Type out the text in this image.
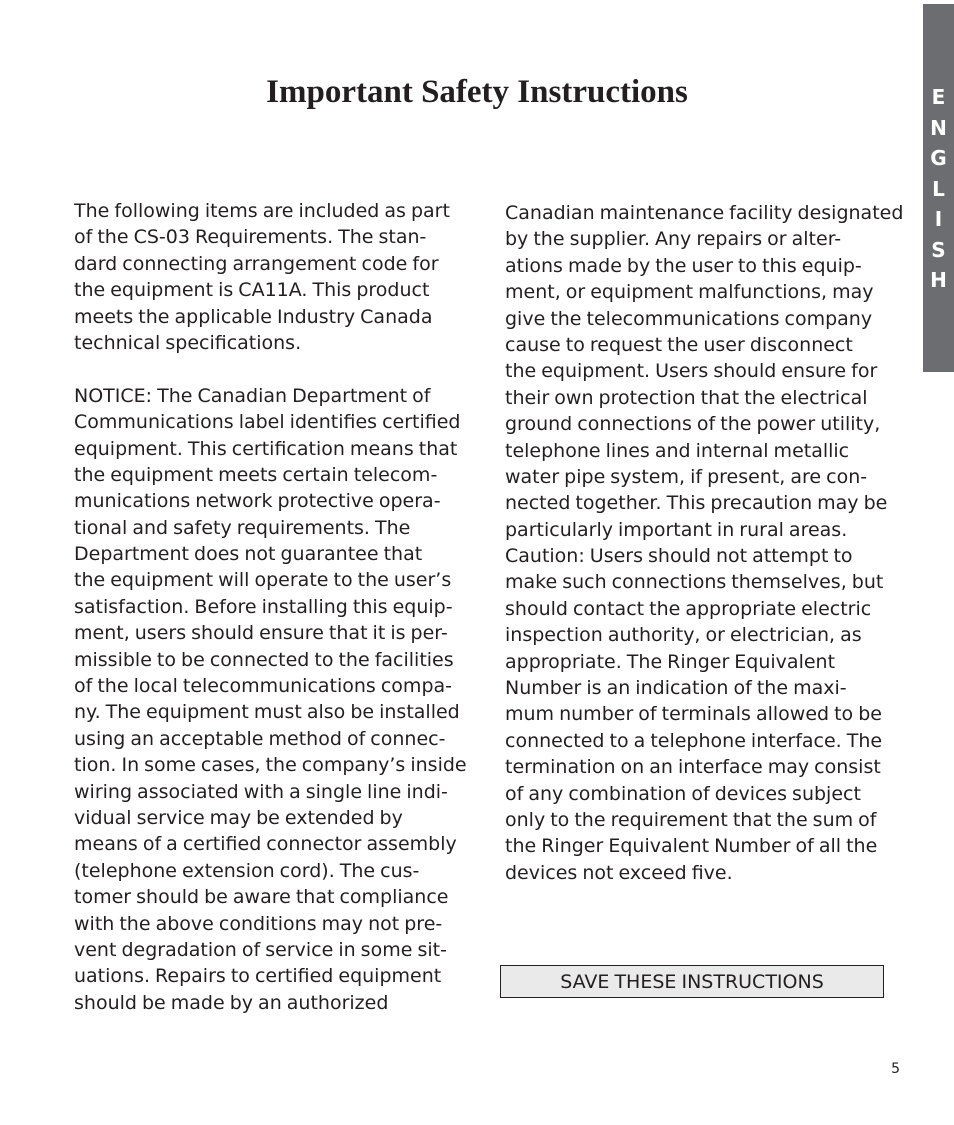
Important Safety Instructions	E
N
G
L
I
S
H
The following items are included as part
of the CS-03 Requirements. The stan-
dard connecting arrangement code for
the equipment is CA11A. This product
meets the applicable Industry Canada
technical specifications.
NOTICE: The Canadian Department of
Communications label identifies certified
equipment. This certification means that
the equipment meets certain telecom-
munications network protective opera-
tional and safety requirements. The
Department does not guarantee that
the equipment will operate to the user’s
satisfaction. Before installing this equip-
ment, users should ensure that it is per-
missible to be connected to the facilities
of the local telecommunications compa-
ny. The equipment must also be installed
using an acceptable method of connec-
tion. In some cases, the company’s inside
wiring associated with a single line indi-
vidual service may be extended by
means of a certified connector assembly
(telephone extension cord). The cus-
tomer should be aware that compliance
with the above conditions may not pre-
vent degradation of service in some sit-
uations. Repairs to certified equipment
should be made by an authorized
Canadian maintenance facility designated
by the supplier. Any repairs or alter-
ations made by the user to this equip-
ment, or equipment malfunctions, may
give the telecommunications company
cause to request the user disconnect
the equipment. Users should ensure for
their own protection that the electrical
ground connections of the power utility,
telephone lines and internal metallic
water pipe system, if present, are con-
nected together. This precaution may be
particularly important in rural areas.
Caution: Users should not attempt to
make such connections themselves, but
should contact the appropriate electric
inspection authority, or electrician, as
appropriate. The Ringer Equivalent
Number is an indication of the maxi-
mum number of terminals allowed to be
connected to a telephone interface. The
termination on an interface may consist
of any combination of devices subject
only to the requirement that the sum of
the Ringer Equivalent Number of all the
devices not exceed five.
SAVE THESE INSTRUCTIONS
5
